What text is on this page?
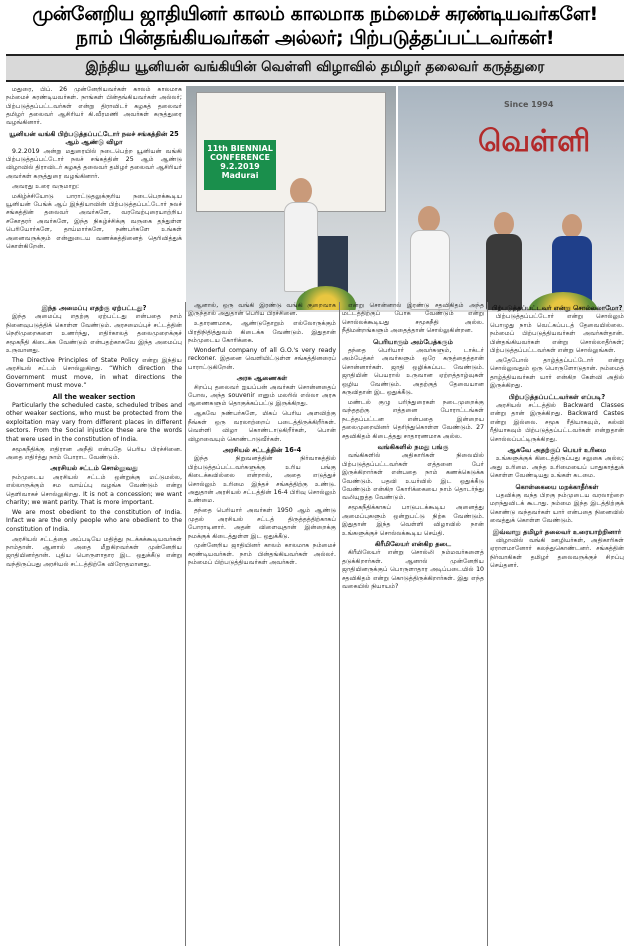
முன்னேறிய ஜாதியினர் காலம் காலமாக நம்மைச் சுரண்டியவர்களே!
நாம் பின்தங்கியவர்கள் அல்லர்; பிற்படுத்தப்பட்டவர்கள்!
இந்திய யூனியன் வங்கியின் வெள்ளி விழாவில் தமிழர் தலைவர் கருத்துரை

மதுரை, பிப். 26 முன்னேறியவர்கள் காலம் காலமாக நம்மைச் சுரண்டியவர்கள். நாங்கள் பின்தங்கியவர்கள் அல்லர்; பிற்படுத்தப்பட்டவர்கள் என்று திராவிடர் கழகத் தலைவர் தமிழர் தலைவர் ஆசிரியர் கி.வீரமணி அவர்கள் கருத்துரை வழங்கினார்.

யூனியன் வங்கி பிற்படுத்தப்பட்டோர் நலச் சங்கத்தின் 25 ஆம் ஆண்டு விழா

9.2.2019 அன்று மதுரையில் நடைபெற்ற யூனியன் வங்கி பிற்படுத்தப்பட்டோர் நலச் சங்கத்தின் 25 ஆம் ஆண்டு விழாவில் திராவிடர் கழகத் தலைவர் தமிழர் தலைவர் ஆசிரியர் அவர்கள் கருத்துரை வழங்கினார்.

அவரது உரை வருமாறு:

மகிழ்ச்சியோடு பாராட்டுதலுக்குரிய நடைபெறக்கூடிய யூனியன் பேங்க் ஆப் இந்தியாவின் பிற்படுத்தப்பட்டோர் நலச் சங்கத்தின் தலைவர் அவர்களே, வரவேற்புரையாற்றிய சகோதரர் அவர்களே, இந்த நிகழ்ச்சிக்கு வருகை தந்துள்ள பெரியோர்களே, தாய்மார்களே, நண்பர்களே உங்கள் அனைவருக்கும் என்னுடைய வணக்கத்தினைத் தெரிவித்துக் கொள்கிறேன்.

11th BIENNIAL CONFERENCE
9.2.2019 Madurai
வெள்ளி
Since 1994
இந்த அமைப்பு எதற்கு ஏற்பட்டது?

இந்த அமைப்பு எதற்கு ஏற்பட்டது என்பதை நாம் நினைவுபடுத்திக் கொள்ள வேண்டும். அரசமைப்புச் சட்டத்தின் நெறிமுறைகளை உணர்ந்து, எதிர்காலத் தலைமுறைக்குச் சமூகநீதி கிடைக்க வேண்டும் என்பதற்காகவே இந்த அமைப்பு உருவானது.

The Directive Principles of State Policy என்று இந்திய அரசியல் சட்டம் சொல்லுகிறது. “Which direction the Government must move, in what directions the Government must move.”

All the weaker section

Particularly the scheduled caste, scheduled tribes and other weaker sections, who must be protected from the exploitation may vary from different places in different sectors. From the Social injustice these are the words that were used in the constitution of India.

சமூகநீதிக்கு எதிரான அநீதி என்பதே பெரிய பிரச்சினை. அதை எதிர்த்து நாம் போராட வேண்டும்.

அரசியல் சட்டம் சொல்லுவது

நம்முடைய அரசியல் சட்டம் ஒன்றுக்கு மட்டுமல்ல, எல்லாருக்கும் சம வாய்ப்பு வழங்க வேண்டும் என்று தெளிவாகச் சொல்லுகிறது. It is not a concession; we want charity; we want parity. That is more important.

We are most obedient to the constitution of India. Infact we are the only people who are obedient to the constitution of India.

அரசியல் சட்டத்தை அப்படியே மதித்து நடக்கக்கூடியவர்கள் நாம்தான். ஆனால் அதை மீறுகிறவர்கள் முன்னேறிய ஜாதியினர்தான். புதிய பொருளாதார இட ஒதுக்கீடு என்று வந்திருப்பது அரசியல் சட்டத்திற்கே விரோதமானது.

ஆனால், ஒரு வங்கி இரண்டு வங்கி குறைவாக இருந்தால் அதுதான் பெரிய பிரச்சினை.

உதாரணமாக, ஆண்டுதோறும் எல்லோருக்கும் பிரதிநிதித்துவம் கிடைக்க வேண்டும். இதுதான் நம்முடைய கோரிக்கை.

Wonderful company of all G.O.'s very ready reckoner. இதனை வெளியிட்டுள்ள சங்கத்தினரைப் பாராட்டுகிறேன்.

அரசு ஆணைகள்

சிறப்பு தலைவர் ஐயப்பன் அவர்கள் சொன்னதைப் போல, அந்த souvenir எனும் மலரில் எல்லா அரசு ஆணைகளும் தொகுக்கப்பட்டு இருக்கிறது.

ஆகவே நண்பர்களே, மிகப் பெரிய அளவிற்கு நீங்கள் ஒரு வரலாற்றைப் படைத்திருக்கிறீர்கள். வெள்ளி விழா கொண்டாடுகிறீர்கள், பொன் விழாவையும் கொண்டாடுவீர்கள்.

அரசியல் சட்டத்தின் 16-4

இந்த நிறுவனத்தின் நிர்வாகத்தில் பிற்படுத்தப்பட்டவர்களுக்கு உரிய பங்கு கிடைக்கவில்லை என்றால், அதை எடுத்துச் சொல்லும் உரிமை இந்தச் சங்கத்திற்கு உண்டு. அதுதான் அரசியல் சட்டத்தின் 16-4 பிரிவு சொல்லும் உண்மை.

தந்தை பெரியார் அவர்கள் 1950 ஆம் ஆண்டு முதல் அரசியல் சட்டத் திருத்தத்திற்காகப் போராடினார். அதன் விளைவுதான் இன்றைக்கு நமக்குக் கிடைத்துள்ள இட ஒதுக்கீடு.

முன்னேறிய ஜாதியினர் காலம் காலமாக நம்மைச் சுரண்டியவர்கள். நாம் பின்தங்கியவர்கள் அல்லர். நம்மைப் பிற்படுத்தியவர்கள் அவர்கள்.

என்று சொன்னால் இரண்டு சதவிகிதம் அந்த மட்டத்திற்குப் போக வேண்டும் என்று சொல்லக்கூடியது சமூகநீதி அல்ல. நீதிமன்றங்களும் அதைத்தான் சொல்லுகின்றன.

பெரியாரும் அம்பேத்கரும்

தந்தை பெரியார் அவர்களும், டாக்டர் அம்பேத்கர் அவர்களும் ஒரே கருத்தைத்தான் சொன்னார்கள். ஜாதி ஒழிக்கப்பட வேண்டும். ஜாதியின் பெயரால் உருவான ஏற்றத்தாழ்வுகள் ஒழிய வேண்டும். அதற்குத் தேவையான கருவிதான் இட ஒதுக்கீடு.

மண்டல் குழு பரிந்துரைகள் நடைமுறைக்கு வந்ததற்கு எத்தனை போராட்டங்கள் நடத்தப்பட்டன என்பதை இன்றைய தலைமுறையினர் தெரிந்துகொள்ள வேண்டும். 27 சதவிகிதம் கிடைத்தது சாதாரணமாக அல்ல.

வங்கிகளில் நமது பங்கு

வங்கிகளில் அதிகாரிகள் நிலையில் பிற்படுத்தப்பட்டவர்கள் எத்தனை பேர் இருக்கிறார்கள் என்பதை நாம் கணக்கெடுக்க வேண்டும். பதவி உயர்வில் இட ஒதுக்கீடு வேண்டும் என்கிற கோரிக்கையை நாம் தொடர்ந்து வலியுறுத்த வேண்டும்.

சமூகநீதிக்காகப் பாடுபடக்கூடிய அனைத்து அமைப்புகளும் ஒன்றுபட்டு நிற்க வேண்டும். இதுதான் இந்த வெள்ளி விழாவில் நான் உங்களுக்குச் சொல்லக்கூடிய செய்தி.

கிரீமிலேயர் என்கிற தடை

கிரீமிலேயர் என்று சொல்லி நம்மவர்களைத் தடுக்கிறார்கள். ஆனால் முன்னேறிய ஜாதியினருக்குப் பொருளாதார அடிப்படையில் 10 சதவிகிதம் என்று கொடுத்திருக்கிறார்கள். இது எந்த வகையில் நியாயம்?

பிற்படுத்தப்பட்டவர் என்று சொல்லலாமோ?

பிற்படுத்தப்பட்டோர் என்று சொல்லும் பொழுது நாம் வெட்கப்படத் தேவையில்லை. நம்மைப் பிற்படுத்தியவர்கள் அவர்கள்தான். பின்தங்கியவர்கள் என்று சொல்லாதீர்கள்; பிற்படுத்தப்பட்டவர்கள் என்று சொல்லுங்கள்.

அதேபோல் தாழ்த்தப்பட்டோர் என்று சொல்லுவதும் ஒரு பொருளோடுதான். நம்மைத் தாழ்த்தியவர்கள் யார் என்கிற கேள்வி அதில் இருக்கிறது.

பிற்படுத்தப்பட்டவர்கள் எப்படி?

அரசியல் சட்டத்தில் Backward Classes என்று தான் இருக்கிறது. Backward Castes என்று இல்லை. சமூக ரீதியாகவும், கல்வி ரீதியாகவும் பிற்படுத்தப்பட்டவர்கள் என்றுதான் சொல்லப்பட்டிருக்கிறது.

ஆகவே அதற்குப் பெயர் உரிமை

உங்களுக்குக் கிடைத்திருப்பது சலுகை அல்ல; அது உரிமை. அந்த உரிமையைப் பாதுகாத்துக் கொள்ள வேண்டியது உங்கள் கடமை.

கொள்கையை மறக்காதீர்கள்

பதவிக்கு வந்த பிறகு நம்முடைய வரலாற்றை மறந்துவிடக் கூடாது. நம்மை இந்த இடத்திற்குக் கொண்டு வந்தவர்கள் யார் என்பதை நினைவில் வைத்துக் கொள்ள வேண்டும்.

இவ்வாறு தமிழர் தலைவர் உரையாற்றினார்

விழாவில் வங்கி ஊழியர்கள், அதிகாரிகள் ஏராளமானோர் கலந்துகொண்டனர். சங்கத்தின் நிர்வாகிகள் தமிழர் தலைவருக்குச் சிறப்பு செய்தனர்.
